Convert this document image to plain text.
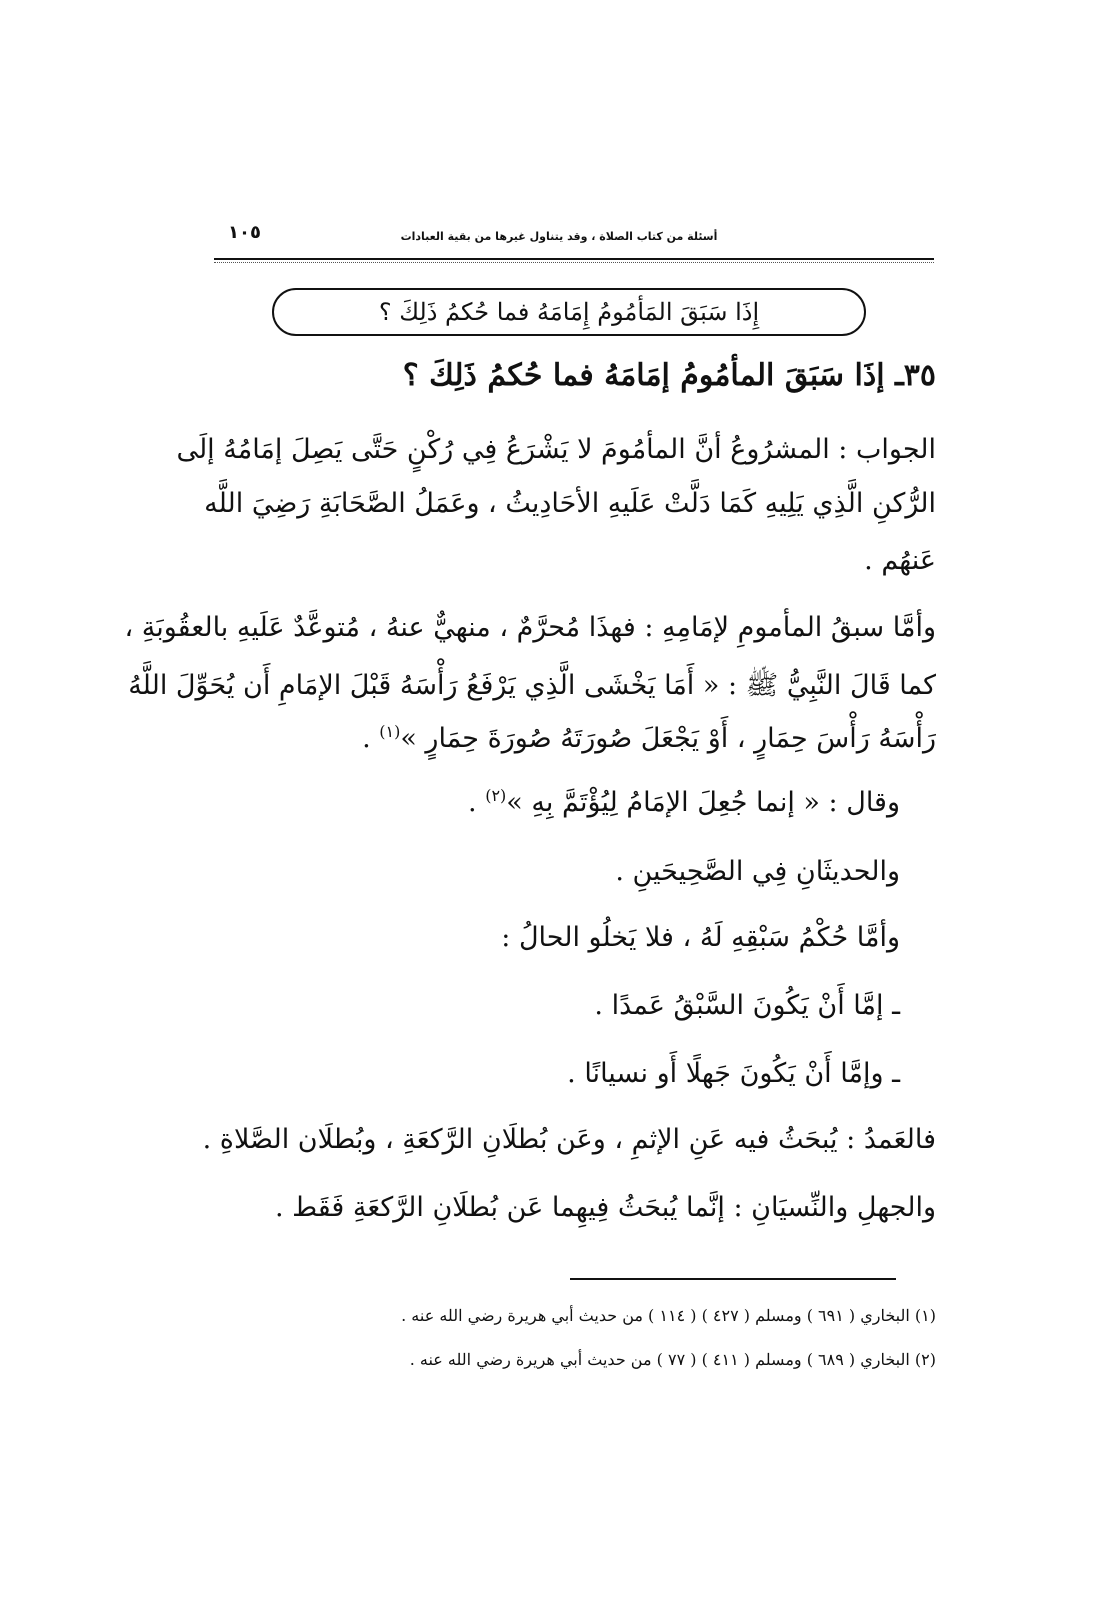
١٠٥	أسئلة من كتاب الصلاة ، وقد يتناول غيرها من بقية العبادات
إِذَا سَبَقَ المَأمُومُ إِمَامَهُ فما حُكمُ ذَلِكَ ؟
٣٥ـ إذَا سَبَقَ المأمُومُ إمَامَهُ فما حُكمُ ذَلِكَ ؟
الجواب : المشرُوعُ أنَّ المأمُومَ لا يَشْرَعُ فِي رُكْنٍ حَتَّى يَصِلَ إمَامُهُ إلَى
الرُّكنِ الَّذِي يَلِيهِ كَمَا دَلَّتْ عَلَيهِ الأحَادِيثُ ، وعَمَلُ الصَّحَابَةِ رَضِيَ اللَّه
عَنهُم .
وأمَّا سبقُ المأمومِ لإمَامِهِ : فهذَا مُحرَّمٌ ، منهيٌّ عنهُ ، مُتوعَّدٌ عَلَيهِ بالعقُوبَةِ ،
كما قَالَ النَّبِيُّ ﷺ : « أَمَا يَخْشَى الَّذِي يَرْفَعُ رَأْسَهُ قَبْلَ الإمَامِ أَن يُحَوِّلَ اللَّهُ
رَأْسَهُ رَأْسَ حِمَارٍ ، أَوْ يَجْعَلَ صُورَتَهُ صُورَةَ حِمَارٍ »$^{(١)}$ .
وقال : « إنما جُعِلَ الإمَامُ لِيُؤْتَمَّ بِهِ »$^{(٢)}$ .
والحديثَانِ فِي الصَّحِيحَينِ .
وأمَّا حُكْمُ سَبْقِهِ لَهُ ، فلا يَخلُو الحالُ :
ـ إمَّا أَنْ يَكُونَ السَّبْقُ عَمدًا .
ـ وإمَّا أَنْ يَكُونَ جَهلًا أَو نسيانًا .
فالعَمدُ : يُبحَثُ فيه عَنِ الإثمِ ، وعَن بُطلَانِ الرَّكعَةِ ، وبُطلَان الصَّلاةِ .
والجهلِ والنِّسيَانِ : إنَّما يُبحَثُ فِيهِما عَن بُطلَانِ الرَّكعَةِ فَقَط .
(١) البخاري ( ٦٩١ ) ومسلم ( ٤٢٧ ) ( ١١٤ ) من حديث أبي هريرة رضي الله عنه .
(٢) البخاري ( ٦٨٩ ) ومسلم ( ٤١١ ) ( ٧٧ ) من حديث أبي هريرة رضي الله عنه .
